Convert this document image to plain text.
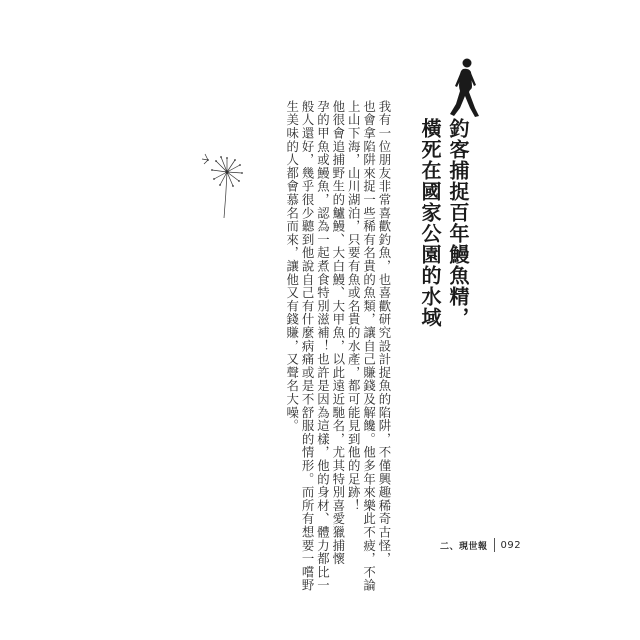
釣客捕捉百年鰻魚精，
橫死在國家公園的水域
我有一位朋友非常喜歡釣魚，也喜歡研究設計捉魚的陷阱，不僅興趣稀奇古怪，
也會拿陷阱來捉一些稀有名貴的魚類，讓自己賺錢及解饞。他多年來樂此不疲，不論
上山下海，山川湖泊，只要有魚或名貴的水產，都可能見到他的足跡！
他很會追捕野生的鱸鰻、大白鰻、大甲魚，以此遠近馳名，尤其特別喜愛獵捕懷
孕的甲魚或鰻魚，認為一起煮食特別滋補！也許是因為這樣，他的身材、體力都比一
般人還好，幾乎很少聽到他說自己有什麼病痛或是不舒服的情形。而所有想要一嚐野
生美味的人都會慕名而來，讓他又有錢賺，又聲名大噪。
二、現世報 092
